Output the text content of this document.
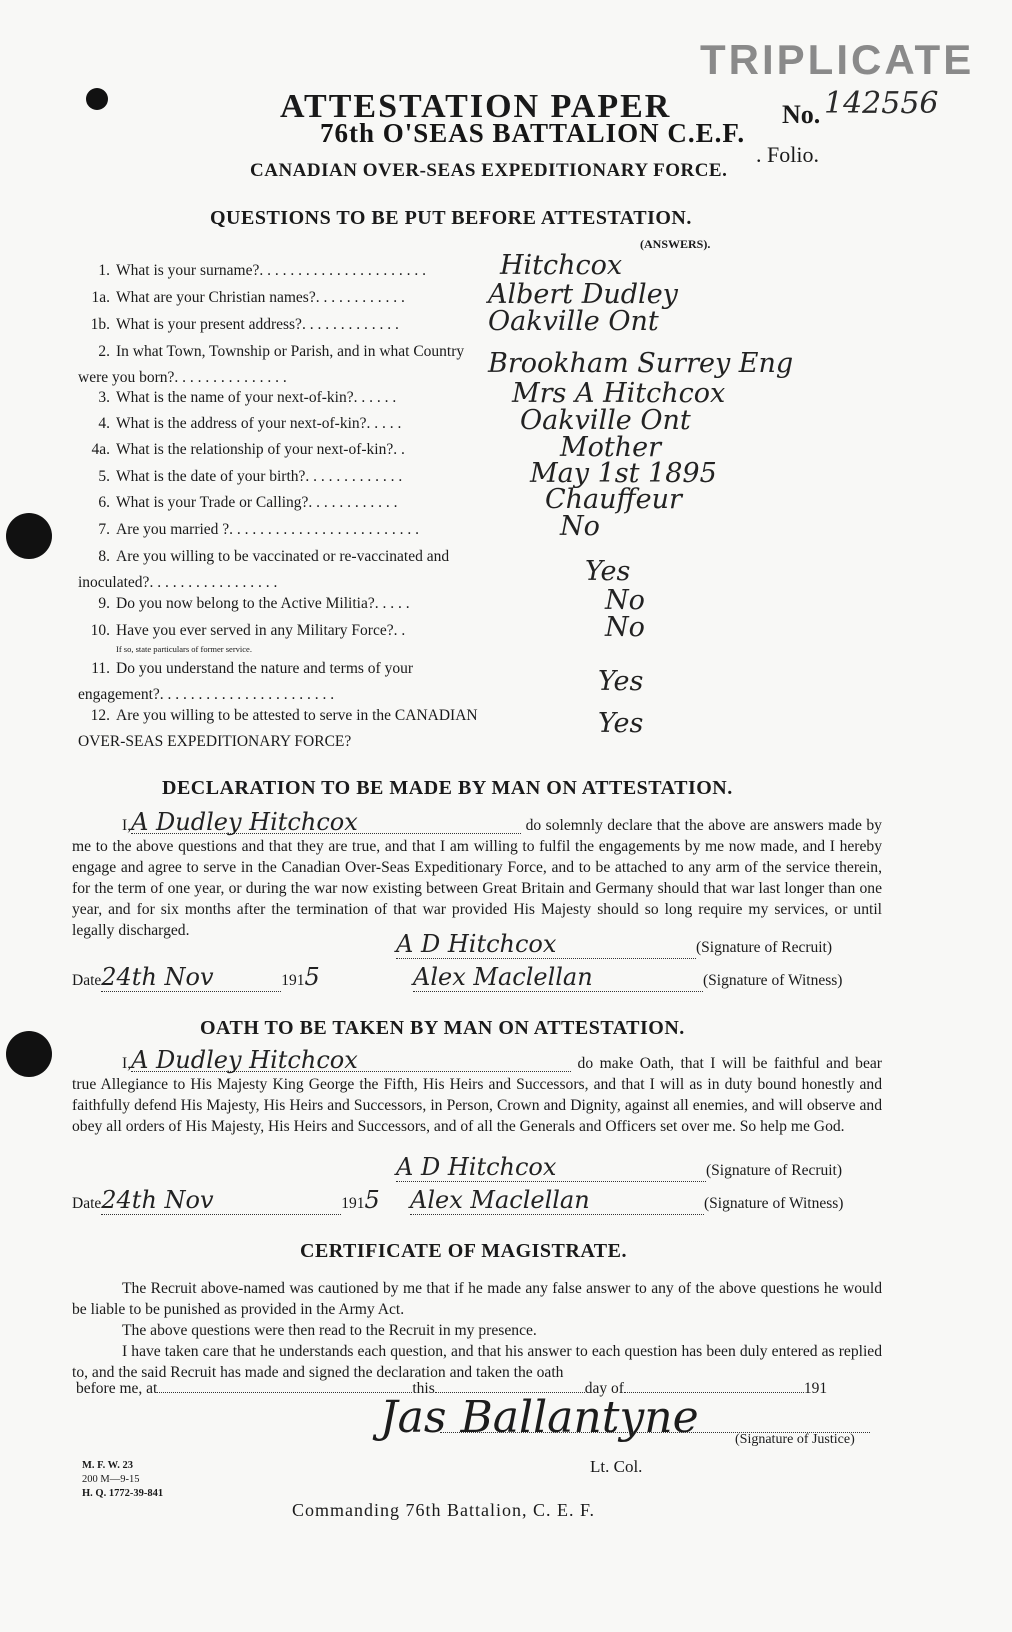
TRIPLICATE
ATTESTATION PAPER
76th O'SEAS BATTALION C.E.F.
CANADIAN OVER-SEAS EXPEDITIONARY FORCE.
No. 142556
. Folio.
QUESTIONS TO BE PUT BEFORE ATTESTATION.
(ANSWERS).
1. What is your surname?. . . . . . . . . . . . . . . . . . . . . .	Hitchcox
1a. What are your Christian names?. . . . . . . . . . . .	Albert Dudley
1b. What is your present address?. . . . . . . . . . . . .	Oakville Ont
2. In what Town, Township or Parish, and in what Country were you born?. . . . . . . . . . . . . . .	Brookham Surrey Eng
3. What is the name of your next-of-kin?. . . . . .	Mrs A Hitchcox
4. What is the address of your next-of-kin?. . . . .	Oakville Ont
4a. What is the relationship of your next-of-kin?. .	Mother
5. What is the date of your birth?. . . . . . . . . . . . .	May 1st 1895
6. What is your Trade or Calling?. . . . . . . . . . . .	Chauffeur
7. Are you married ?. . . . . . . . . . . . . . . . . . . . . . . . .	No
8. Are you willing to be vaccinated or re-vaccinated and inoculated?. . . . . . . . . . . . . . . . .	Yes
9. Do you now belong to the Active Militia?. . . . .	No
10. Have you ever served in any Military Force?. .
If so, state particulars of former service.
No
11. Do you understand the nature and terms of your engagement?. . . . . . . . . . . . . . . . . . . . . . .	Yes
12. Are you willing to be attested to serve in the CANADIAN OVER-SEAS EXPEDITIONARY FORCE?
Yes
DECLARATION TO BE MADE BY MAN ON ATTESTATION.
I,A Dudley Hitchcox	do solemnly declare that the above are answers made by me to the above questions and that they are true, and that I am willing to fulfil the engagements by me now made, and I hereby engage and agree to serve in the Canadian Over-Seas Expeditionary Force, and to be attached to any arm of the service therein, for the term of one year, or during the war now existing between Great Britain and Germany should that war last longer than one year, and for six months after the termination of that war provided His Majesty should so long require my services, or until legally discharged.	A D Hitchcox	(Signature of Recruit)
Date24th Nov	1915	Alex Maclellan	(Signature of Witness)
OATH TO BE TAKEN BY MAN ON ATTESTATION.
I,A Dudley Hitchcox	do make Oath, that I will be faithful and bear true Allegiance to His Majesty King George the Fifth, His Heirs and Successors, and that I will as in duty bound honestly and faithfully defend His Majesty, His Heirs and Successors, in Person, Crown and Dignity, against all enemies, and will observe and obey all orders of His Majesty, His Heirs and Successors, and of all the Generals and Officers set over me. So help me God.
A D Hitchcox	(Signature of Recruit)
Date24th Nov	1915 Alex Maclellan	(Signature of Witness)
CERTIFICATE OF MAGISTRATE.
The Recruit above-named was cautioned by me that if he made any false answer to any of the above questions he would be liable to be punished as provided in the Army Act.
The above questions were then read to the Recruit in my presence.
I have taken care that he understands each question, and that his answer to each question has been duly entered as replied to, and the said Recruit has made and signed the declaration and taken the oath
before me, at	this	day of	191
Jas Ballantyne	(Signature of Justice)
Lt. Col.
Commanding 76th Battalion, C. E. F.
M. F. W. 23
200 M—9-15
H. Q. 1772-39-841
